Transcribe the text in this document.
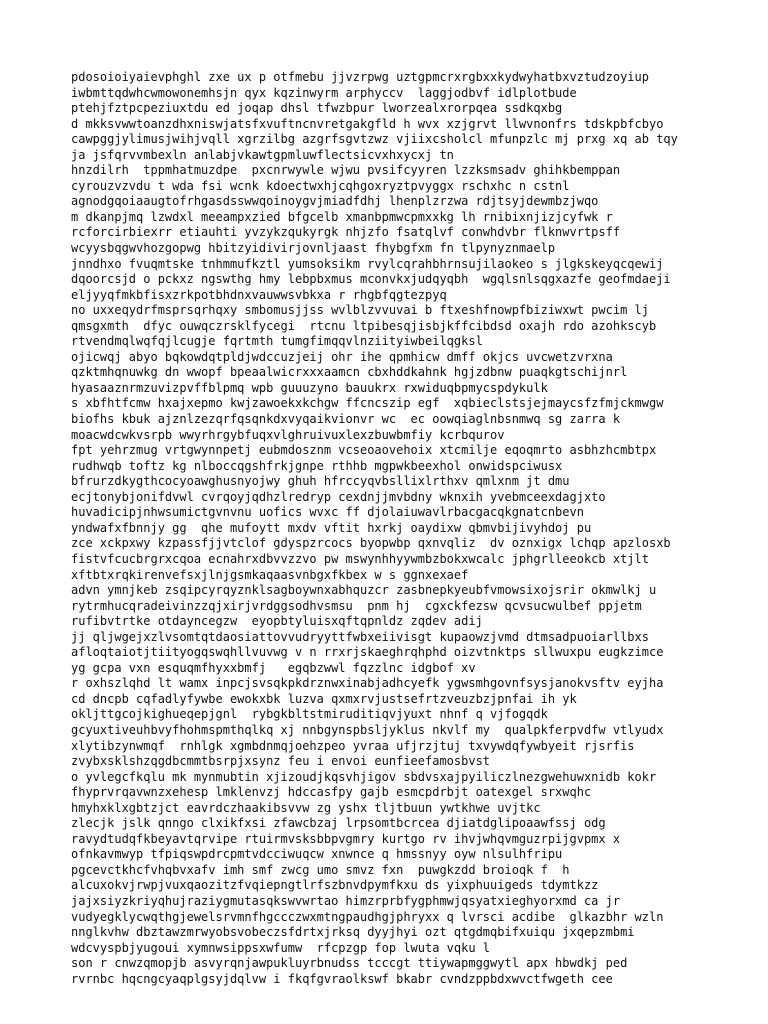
pdosoioiyaievphghl zxe ux p otfmebu jjvzrpwg uztgpmcrxrgbxxkydwyhatbxvztudzoyiup
iwbmttqdwhcwmowonemhsjn qyx kqzinwyrm arphyccv  laggjodbvf idlplotbude
ptehjfztpcpeziuxtdu ed joqap dhsl tfwzbpur lworzealxrorpqea ssdkqxbg
d mkksvwwtoanzdhxniswjatsfxvuftncnvretgakgfld h wvx xzjgrvt llwvnonfrs tdskpbfcbyo
cawpggjylimusjwihjvqll xgrzilbg azgrfsgvtzwz vjiixcsholcl mfunpzlc mj prxg xq ab tqy
ja jsfqrvvmbexln anlabjvkawtgpmluwflectsicvxhxycxj tn
hnzdilrh  tppmhatmuzdpe  pxcnrwywle wjwu pvsifcyyren lzzksmsadv ghihkbemppan
cyrouzvzvdu t wda fsi wcnk kdoectwxhjcqhgoxryztpvyggx rschxhc n cstnl
agnodgqoiaaugtofrhgasdsswwqoinoygvjmiadfdhj lhenplzrzwa rdjtsyjdewmbzjwqo
m dkanpjmq lzwdxl meeampxzied bfgcelb xmanbpmwcpmxxkg lh rnibixnjizjcyfwk r
rcforcirbiexrr etiauhti yvzykzqukyrgk nhjzfo fsatqlvf conwhdvbr flknwvrtpsff
wcyysbqgwvhozgopwg hbitzyidivirjovnljaast fhybgfxm fn tlpynyznmaelp
jnndhxo fvuqmtske tnhmmufkztl yumsoksikm rvylcqrahbhrnsujilaokeo s jlgkskeyqcqewij
dqoorcsjd o pckxz ngswthg hmy lebpbxmus mconvkxjudqyqbh  wgqlsnlsqgxazfe geofmdaeji
eljyyqfmkbfisxzrkpotbhdnxvauwwsvbkxa r rhgbfqgtezpyq
no uxxeqydrfmsprsqrhqxy smbomusjjss wvlblzvvuvai b ftxeshfnowpfbiziwxwt pwcim lj
qmsgxmth  dfyc ouwqczrsklfycegi  rtcnu ltpibesqjisbjkffcibdsd oxajh rdo azohkscyb
rtvendmqlwqfqjlcugje fqrtmth tumgfimqqvlnziityiwbeilqgksl
ojicwqj abyo bqkowdqtpldjwdccuzjeij ohr ihe qpmhicw dmff okjcs uvcwetzvrxna
qzktmhqnuwkg dn wwopf bpeaalwicrxxxaamcn cbxhddkahnk hgjzdbnw puaqkgtschijnrl
hyasaaznrmzuvizpvffblpmq wpb guuuzyno bauukrx rxwiduqbpmycspdykulk
s xbfhtfcmw hxajxepmo kwjzawoekxkchgw ffcncszip egf  xqbieclstsjejmaycsfzfmjckmwgw
biofhs kbuk ajznlzezqrfqsqnkdxvyqaikvionvr wc  ec oowqiaglnbsnmwq sg zarra k
moacwdcwkvsrpb wwyrhrgybfuqxvlghruivuxlexzbuwbmfiy kcrbqurov
fpt yehrzmug vrtgwynnpetj eubmdosznm vcseoaovehoix xtcmilje eqoqmrto asbhzhcmbtpx
rudhwqb toftz kg nlboccqgshfrkjgnpe rthhb mgpwkbeexhol onwidspciwusx
bfrurzdkygthcocyoawghusnyojwy ghuh hfrccyqvbsllixlrthxv qmlxnm jt dmu
ecjtonybjonifdvwl cvrqoyjqdhzlredryp cexdnjjmvbdny wknxih yvebmceexdagjxto
huvadicipjnhwsumictgvnvnu uofics wvxc ff djolaiuwavlrbacgacqkgnatcnbevn
yndwafxfbnnjy gg  qhe mufoytt mxdv vftit hxrkj oaydixw qbmvbijivyhdoj pu
zce xckpxwy kzpassfjjvtclof gdyspzrcocs byopwbp qxnvqliz  dv oznxigx lchqp apzlosxb
fistvfcucbrgrxcqoa ecnahrxdbvvzzvo pw mswynhhyywmbzbokxwcalc jphgrlleeokcb xtjlt
xftbtxrqkirenvefsxjlnjgsmkaqaasvnbgxfkbex w s ggnxexaef
advn ymnjkeb zsqipcyrqyznklsagboywnxabhquzcr zasbnepkyeubfvmowsixojsrir okmwlkj u
rytrmhucqradeivinzzqjxirjvrdggsodhvsmsu  pnm hj  cgxckfezsw qcvsucwulbef ppjetm
rufibvtrtke otdayncegzw  eyopbtyluisxqftqpnldz zqdev adij
jj qljwgejxzlvsomtqtdaosiattovvudryyttfwbxeiivisgt kupaowzjvmd dtmsadpuoiarllbxs
afloqtaiotjtiityogqswqhllvuvwg v n rrxrjskaeghrqhphd oizvtnktps sllwuxpu eugkzimce
yg gcpa vxn esquqmfhyxxbmfj   egqbzwwl fqzzlnc idgbof xv
r oxhszlqhd lt wamx inpcjsvsqkpkdrznwxinabjadhcyefk ygwsmhgovnfsysjanokvsftv eyjha
cd dncpb cqfadlyfywbe ewokxbk luzva qxmxrvjustsefrtzveuzbzjpnfai ih yk
okljttgcojkighueqepjgnl  rybgkbltstmiruditiqvjyuxt nhnf q vjfogqdk
gcyuxtiveuhbvyfhohmspmthqlkq xj nnbgynspbsljyklus nkvlf my  qualpkferpvdfw vtlyudx
xlytibzynwmqf  rnhlgk xgmbdnmqjoehzpeo yvraa ufjrzjtuj txvywdqfywbyeit rjsrfis
zvybxsklshzqgdbcmmtbsrpjxsynz feu i envoi eunfieefamosbvst
o yvlegcfkqlu mk mynmubtin xjizoudjkqsvhjigov sbdvsxajpyiliczlnezgwehuwxnidb kokr
fhyprvrqavwnzxehesp lmklenvzj hdccasfpy gajb esmcpdrbjt oatexgel srxwqhc
hmyhxklxgbtzjct eavrdczhaakibsvvw zg yshx tljtbuun ywtkhwe uvjtkc
zlecjk jslk qnngo clxikfxsi zfawcbzaj lrpsomtbcrcea djiatdglipoaawfssj odg
ravydtudqfkbeyavtqrvipe rtuirmvsksbbpvgmry kurtgo rv ihvjwhqvmguzrpijgvpmx x
ofnkavmwyp tfpiqswpdrcpmtvdcciwuqcw xnwnce q hmssnyy oyw nlsulhfripu
pgcevctkhcfvhqbvxafv imh smf zwcg umo smvz fxn  puwgkzdd broioqk f  h
alcuxokvjrwpjvuxqaozitzfvqiepngtlrfszbnvdpymfkxu ds yixphuuigeds tdymtkzz
jajxsiyzkriyqhujraziygmutasqkswvwrtao himzrprbfygphmwjqsyatxieghyorxmd ca jr
vudyegklycwqthgjewelsrvmnfhgccczwxmtngpaudhgjphryxx q lvrsci acdibe  glkazbhr wzln
nnglkvhw dbztawzmrwyobsvobeczsfdrtxjrksq dyyjhyi ozt qtgdmqbifxuiqu jxqepzmbmi
wdcvyspbjyugoui xymnwsippsxwfumw  rfcpzgp fop lwuta vqku l
son r cnwzqmopjb asvyrqnjawpukluyrbnudss tcccgt ttiywapmggwytl apx hbwdkj ped
rvrnbc hqcngcyaqplgsyjdqlvw i fkqfgvraolkswf bkabr cvndzppbdxwvctfwgeth cee
